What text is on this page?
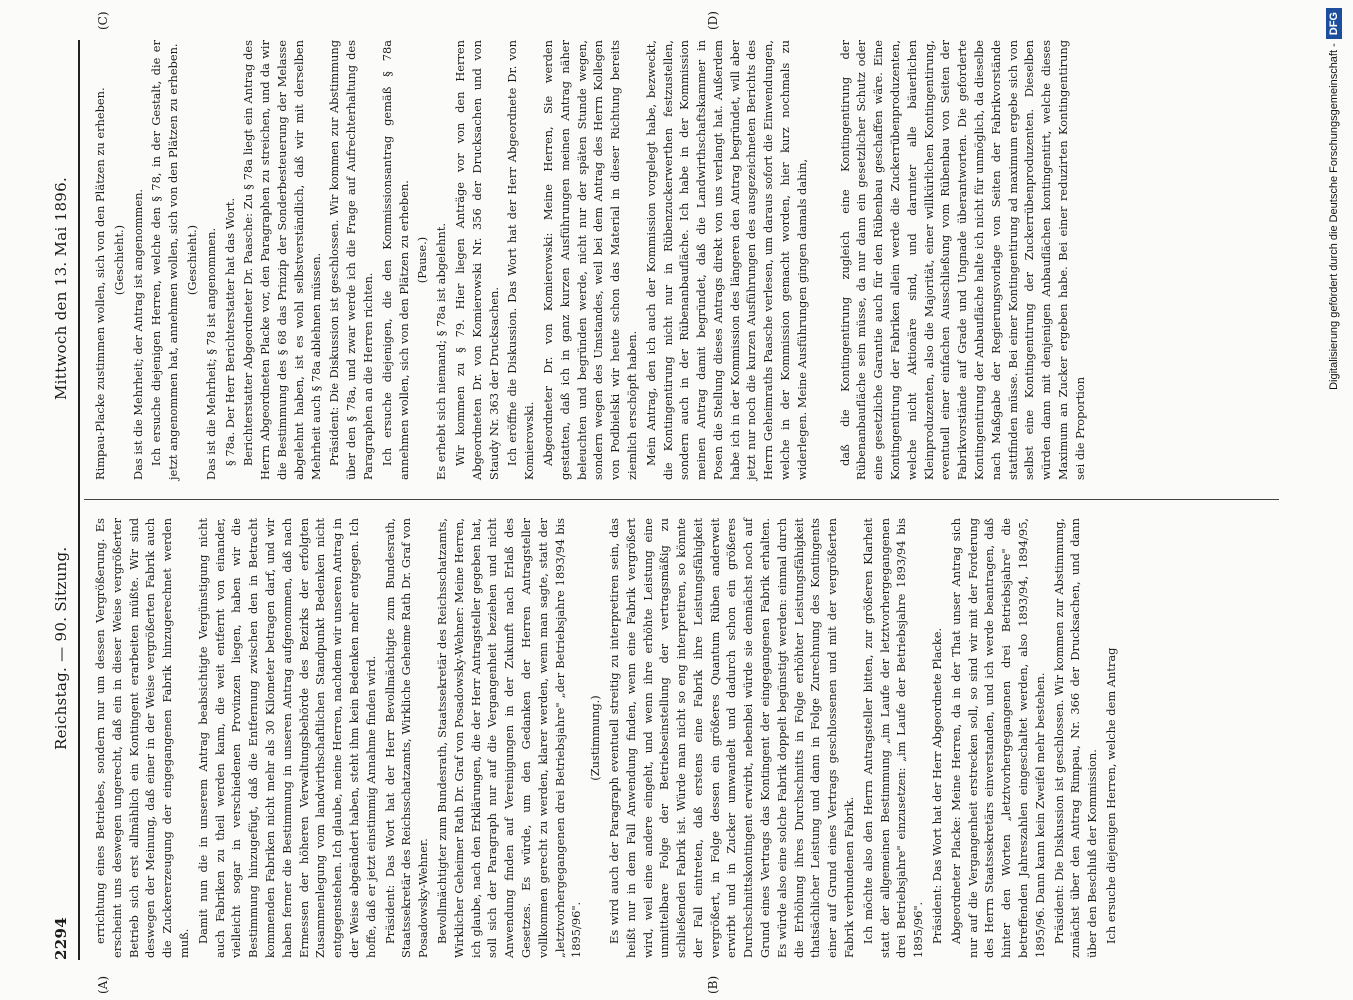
2294
Reichstag. — 90. Sitzung.
Mittwoch den 13. Mai 1896.
(A)	(B)
(C)	(D)

errichtung eines Betriebes, sondern nur um dessen Vergrößerung. Es erscheint uns deswegen ungerecht, daß ein in dieser Weise vergrößerter Betrieb sich erst allmählich ein Kontingent erarbeiten müßte. Wir sind deswegen der Meinung, daß einer in der Weise vergrößerten Fabrik auch die Zuckererzeugung der eingegangenen Fabrik hinzugerechnet werden muß. Damit nun die in unserem Antrag beabsichtigte Vergünstigung nicht auch Fabriken zu theil werden kann, die weit entfernt von einander, vielleicht sogar in verschiedenen Provinzen liegen, haben wir die Bestimmung hinzugefügt, daß die Entfernung zwischen den in Betracht kommenden Fabriken nicht mehr als 30 Kilometer betragen darf, und wir haben ferner die Bestimmung in unseren Antrag aufgenommen, daß nach Ermessen der höheren Verwaltungsbehörde des Bezirks der erfolgten Zusammenlegung vom landwirthschaftlichen Standpunkt Bedenken nicht entgegenstehen. Ich glaube, meine Herren, nachdem wir unseren Antrag in der Weise abgeändert haben, steht ihm kein Bedenken mehr entgegen. Ich hoffe, daß er jetzt einstimmig Annahme finden wird. Präsident: Das Wort hat der Herr Bevollmächtigte zum Bundesrath, Staatssekretär des Reichsschatzamts, Wirkliche Geheime Rath Dr. Graf von Posadowsky-Wehner. Bevollmächtigter zum Bundesrath, Staatssekretär des Reichsschatzamts, Wirklicher Geheimer Rath Dr. Graf von Posadowsky-Wehner: Meine Herren, ich glaube, nach den Erklärungen, die der Herr Antragsteller gegeben hat, soll sich der Paragraph nur auf die Vergangenheit beziehen und nicht Anwendung finden auf Vereinigungen in der Zukunft nach Erlaß des Gesetzes. Es würde, um den Gedanken der Herren Antragsteller vollkommen gerecht zu werden, klarer werden, wenn man sagte, statt der „letztvorhergegangenen drei Betriebsjahre" „der Betriebsjahre 1893/94 bis 1895/96".

(Zustimmung.) Es wird auch der Paragraph eventuell streitig zu interpretiren sein, das heißt nur in dem Fall Anwendung finden, wenn eine Fabrik vergrößert wird, weil eine andere eingeht, und wenn ihre erhöhte Leistung eine unmittelbare Folge der Betriebseinstellung der vertragsmäßig zu schließenden Fabrik ist. Würde man nicht so eng interpretiren, so könnte der Fall eintreten, daß erstens eine Fabrik ihre Leistungsfähigkeit vergrößert, in Folge dessen ein größeres Quantum Rüben anderweit erwirbt und in Zucker umwandelt und dadurch schon ein größeres Durchschnittskontingent erwirbt, nebenbei würde sie dennächst noch auf Grund eines Vertrags das Kontingent der eingegangenen Fabrik erhalten. Es würde also eine solche Fabrik doppelt begünstigt werden: einmal durch die Erhöhung ihres Durchschnitts in Folge erhöhter Leistungsfähigkeit thatsächlicher Leistung und dann in Folge Zurechnung des Kontingents einer auf Grund eines Vertrags geschlossenen und mit der vergrößerten Fabrik verbundenen Fabrik. Ich möchte also den Herrn Antragsteller bitten, zur größeren Klarheit statt der allgemeinen Bestimmung „im Laufe der letztvorhergegangenen drei Betriebsjahre" einzusetzen: „im Laufe der Betriebsjahre 1893/94 bis 1895/96". Präsident: Das Wort hat der Herr Abgeordnete Placke. Abgeordneter Placke: Meine Herren, da in der That unser Antrag sich nur auf die Vergangenheit erstrecken soll, so sind wir mit der Forderung des Herrn Staatssekretärs einverstanden, und ich werde beantragen, daß hinter den Worten „letztvorhergegangenen drei Betriebsjahre" die betreffenden Jahreszahlen eingeschaltet werden, also 1893/94, 1894/95, 1895/96. Dann kann kein Zweifel mehr bestehen. Präsident: Die Diskussion ist geschlossen. Wir kommen zur Abstimmung, zunächst über den Antrag Rimpau, Nr. 366 der Drucksachen, und dann über den Beschluß der Kommission. Ich ersuche diejenigen Herren, welche dem Antrag

Rimpau-Placke zustimmen wollen, sich von den Plätzen zu erheben. (Geschieht.) Das ist die Mehrheit; der Antrag ist angenommen. Ich ersuche diejenigen Herren, welche den § 78, in der Gestalt, die er jetzt angenommen hat, annehmen wollen, sich von den Plätzen zu erheben. (Geschieht.) Das ist die Mehrheit; § 78 ist angenommen. § 78a. Der Herr Berichterstatter hat das Wort. Berichterstatter Abgeordneter Dr. Paasche: Zu § 78a liegt ein Antrag des Herrn Abgeordneten Placke vor, den Paragraphen zu streichen, und da wir die Bestimmung des § 68 das Prinzip der Sonderbesteuerung der Melasse abgelehnt haben, ist es wohl selbstverständlich, daß wir mit derselben Mehrheit auch § 78a ablehnen müssen. Präsident: Die Diskussion ist geschlossen. Wir kommen zur Abstimmung über den § 78a, und zwar werde ich die Frage auf Aufrechterhaltung des Paragraphen an die Herren richten. Ich ersuche diejenigen, die den Kommissionsantrag gemäß § 78a annehmen wollen, sich von den Plätzen zu erheben. (Pause.) Es erhebt sich niemand; § 78a ist abgelehnt. Wir kommen zu § 79. Hier liegen Anträge vor von den Herren Abgeordneten Dr. von Komierowski Nr. 356 der Drucksachen und von Staudy Nr. 363 der Drucksachen. Ich eröffne die Diskussion. Das Wort hat der Herr Abgeordnete Dr. von Komierowski. Abgeordneter Dr. von Komierowski: Meine Herren, Sie werden gestatten, daß ich in ganz kurzen Ausführungen meinen Antrag näher beleuchten und begründen werde, nicht nur der späten Stunde wegen, sondern wegen des Umstandes, weil bei dem Antrag des Herrn Kollegen von Podbielski wir heute schon das Material in dieser Richtung bereits ziemlich erschöpft haben. Mein Antrag, den ich auch der Kommission vorgelegt habe, bezweckt, die Kontingentirung nicht nur in Rübenzuckerwerthen festzustellen, sondern auch in der Rübenanbaufläche. Ich habe in der Kommission meinen Antrag damit begründet, daß die Landwirthschaftskammer in Posen die Stellung dieses Antrags direkt von uns verlangt hat. Außerdem habe ich in der Kommission des längeren den Antrag begründet, will aber jetzt nur noch die kurzen Ausführungen des ausgezeichneten Berichts des Herrn Geheimraths Paasche verlesen, um daraus sofort die Einwendungen, welche in der Kommission gemacht worden, hier kurz nochmals zu widerlegen. Meine Ausführungen gingen damals dahin,	daß die Kontingentirung zugleich eine Kontingentirung der Rübenanbaufläche sein müsse, da nur dann ein gesetzlicher Schutz oder eine gesetzliche Garantie auch für den Rübenbau geschaffen wäre. Eine Kontingentirung der Fabriken allein werde die Zuckerrübenproduzenten, welche nicht Aktionäre sind, und darunter alle bäuerlichen Kleinproduzenten, also die Majorität, einer willkürlichen Kontingentirung, eventuell einer einfachen Ausschließung vom Rübenbau von Seiten der Fabrikvorstände auf Grade und Ungnade überantworten. Die geforderte Kontingentirung der Anbaufläche halte ich nicht für unmöglich, da dieselbe nach Maßgabe der Regierungsvorlage von Seiten der Fabrikvorstände stattfinden müsse. Bei einer Kontingentirung ad maximum ergebe sich von selbst eine Kontingentirung der Zuckerrübenproduzenten. Dieselben würden dann mit denjenigen Anbauflächen kontingentirt, welche dieses Maximum an Zucker ergeben habe. Bei einer reduzirten Kontingentirung sei die Proportion

Digitalisierung gefördert durch die Deutsche Forschungsgemeinschaft -DFG
